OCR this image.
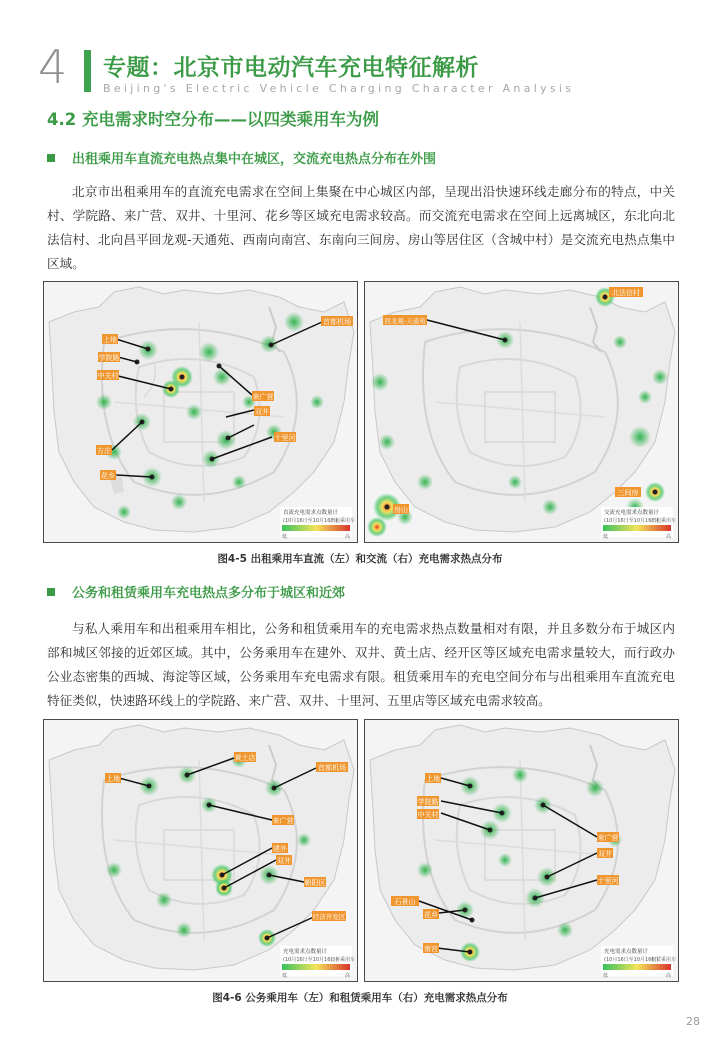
4 专题：北京市电动汽车充电特征解析
Beijing's Electric Vehicle Charging Character Analysis
4.2 充电需求时空分布——以四类乘用车为例
出租乘用车直流充电热点集中在城区，交流充电热点分布在外围

北京市出租乘用车的直流充电需求在空间上集聚在中心城区内部，呈现出沿快速环线走廊分布的特点，中关村、学院路、来广营、双井、十里河、花乡等区域充电需求较高。而交流充电需求在空间上远离城区，东北向北法信村、北向昌平回龙观-天通苑、西南向南宫、东南向三间房、房山等居住区（含城中村）是交流充电热点集中区域。

首都机场
上地
学院路
中关村
来广营
双井
十里河
方庄
花乡
直流充电需求点数量计
(10月16日至10月16日)
出租乘用车
低	高
北法信村
回龙观-天通苑
三间房
房山	交流充电需求点数量计
(10月16日至10月16日)
出租乘用车
低	高
图4-5 出租乘用车直流（左）和交流（右）充电需求热点分布
公务和租赁乘用车充电热点多分布于城区和近郊

与私人乘用车和出租乘用车相比，公务和租赁乘用车的充电需求热点数量相对有限，并且多数分布于城区内部和城区邻接的近郊区域。其中，公务乘用车在建外、双井、黄土店、经开区等区域充电需求量较大，而行政办公业态密集的西城、海淀等区域，公务乘用车充电需求有限。租赁乘用车的充电空间分布与出租乘用车直流充电特征类似，快速路环线上的学院路、来广营、双井、十里河、五里店等区域充电需求较高。

黄土店
上地
首都机场
来广营
建外
双井
朝阳区
经济开发区
充电需求点数量计
(10月16日至10月16日)
公务乘用车
低	高
上地
学院路
中关村
来广营
双井
十里河
石景山
花乡
南宫	充电需求点数量计
(10月16日至10月16日)
租赁乘用车
低	高
图4-6 公务乘用车（左）和租赁乘用车（右）充电需求热点分布
28
